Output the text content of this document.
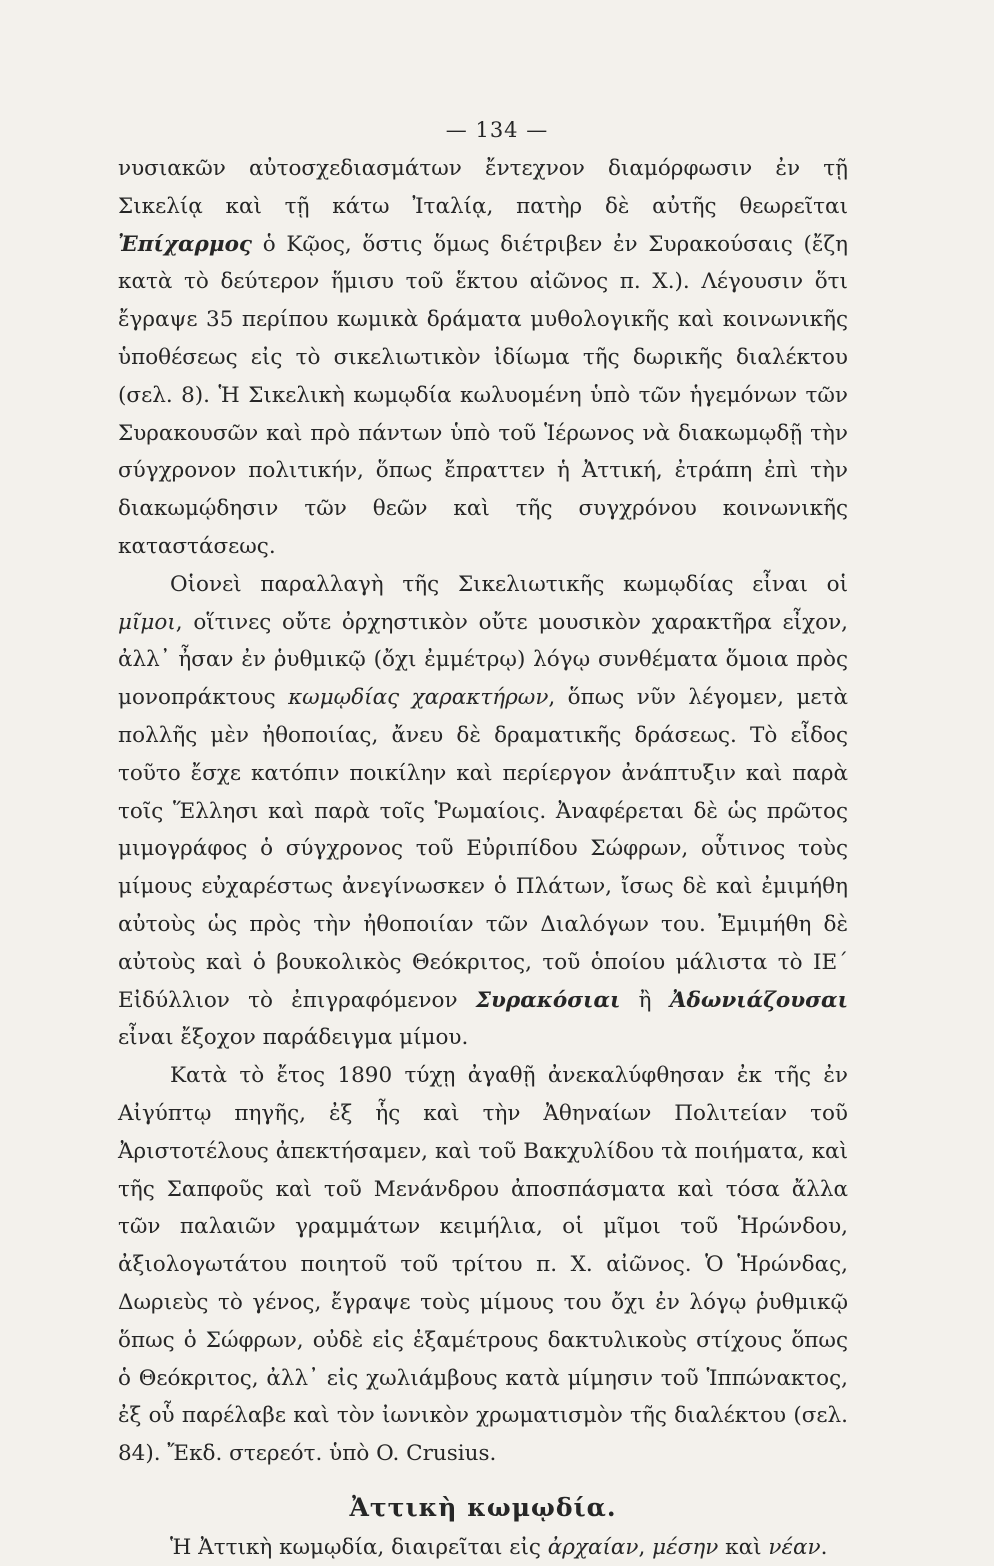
— 134 —

νυσιακῶν αὐτοσχεδιασμάτων ἔντεχνον διαμόρφωσιν ἐν τῇ Σικελίᾳ καὶ τῇ κάτω Ἰταλίᾳ, πατὴρ δὲ αὐτῆς θεωρεῖται Ἐπίχαρμος ὁ Κῷος, ὅστις ὅμως διέτριβεν ἐν Συρακούσαις (ἔζη κατὰ τὸ δεύτερον ἥμισυ τοῦ ἕκτου αἰῶνος π. Χ.). Λέγουσιν ὅτι ἔγραψε 35 περίπου κωμικὰ δράματα μυθολογικῆς καὶ κοινωνικῆς ὑποθέσεως εἰς τὸ σικελιωτικὸν ἰδίωμα τῆς δωρικῆς διαλέκτου (σελ. 8). Ἡ Σικελικὴ κωμῳδία κωλυομένη ὑπὸ τῶν ἡγεμόνων τῶν Συρακουσῶν καὶ πρὸ πάντων ὑπὸ τοῦ Ἱέρωνος νὰ διακωμῳδῇ τὴν σύγχρονον πολιτικήν, ὅπως ἔπραττεν ἡ Ἀττική, ἐτράπη ἐπὶ τὴν διακωμῴδησιν τῶν θεῶν καὶ τῆς συγχρόνου κοινωνικῆς καταστάσεως.

Οἱονεὶ παραλλαγὴ τῆς Σικελιωτικῆς κωμῳδίας εἶναι οἱ μῖμοι, οἵτινες οὔτε ὀρχηστικὸν οὔτε μουσικὸν χαρακτῆρα εἶχον, ἀλλ᾿ ἦσαν ἐν ῥυθμικῷ (ὄχι ἐμμέτρῳ) λόγῳ συνθέματα ὅμοια πρὸς μονοπράκτους κωμῳδίας χαρακτήρων, ὅπως νῦν λέγομεν, μετὰ πολλῆς μὲν ἠθοποιίας, ἄνευ δὲ δραματικῆς δράσεως. Τὸ εἶδος τοῦτο ἔσχε κατόπιν ποικίλην καὶ περίεργον ἀνάπτυξιν καὶ παρὰ τοῖς Ἕλλησι καὶ παρὰ τοῖς Ῥωμαίοις. Ἀναφέρεται δὲ ὡς πρῶτος μιμογράφος ὁ σύγχρονος τοῦ Εὐριπίδου Σώφρων, οὗτινος τοὺς μίμους εὐχαρέστως ἀνεγίνωσκεν ὁ Πλάτων, ἴσως δὲ καὶ ἐμιμήθη αὐτοὺς ὡς πρὸς τὴν ἠθοποιίαν τῶν Διαλόγων του. Ἐμιμήθη δὲ αὐτοὺς καὶ ὁ βουκολικὸς Θεόκριτος, τοῦ ὁποίου μάλιστα τὸ ΙΕ΄ Εἰδύλλιον τὸ ἐπιγραφόμενον Συρακόσιαι ἢ Ἀδωνιάζουσαι εἶναι ἔξοχον παράδειγμα μίμου.

Κατὰ τὸ ἔτος 1890 τύχῃ ἀγαθῇ ἀνεκαλύφθησαν ἐκ τῆς ἐν Αἰγύπτῳ πηγῆς, ἐξ ἧς καὶ τὴν Ἀθηναίων Πολιτείαν τοῦ Ἀριστοτέλους ἀπεκτήσαμεν, καὶ τοῦ Βακχυλίδου τὰ ποιήματα, καὶ τῆς Σαπφοῦς καὶ τοῦ Μενάνδρου ἀποσπάσματα καὶ τόσα ἄλλα τῶν παλαιῶν γραμμάτων κειμήλια, οἱ μῖμοι τοῦ Ἡρώνδου, ἀξιολογωτάτου ποιητοῦ τοῦ τρίτου π. Χ. αἰῶνος. Ὁ Ἡρώνδας, Δωριεὺς τὸ γένος, ἔγραψε τοὺς μίμους του ὄχι ἐν λόγῳ ῥυθμικῷ ὅπως ὁ Σώφρων, οὐδὲ εἰς ἑξαμέτρους δακτυλικοὺς στίχους ὅπως ὁ Θεόκριτος, ἀλλ᾿ εἰς χωλιάμβους κατὰ μίμησιν τοῦ Ἱππώνακτος, ἐξ οὗ παρέλαβε καὶ τὸν ἰωνικὸν χρωματισμὸν τῆς διαλέκτου (σελ. 84). Ἔκδ. στερεότ. ὑπὸ O. Crusius.

Ἀττικὴ κωμῳδία.

Ἡ Ἀττικὴ κωμῳδία, διαιρεῖται εἰς ἀρχαίαν, μέσην καὶ νέαν.
